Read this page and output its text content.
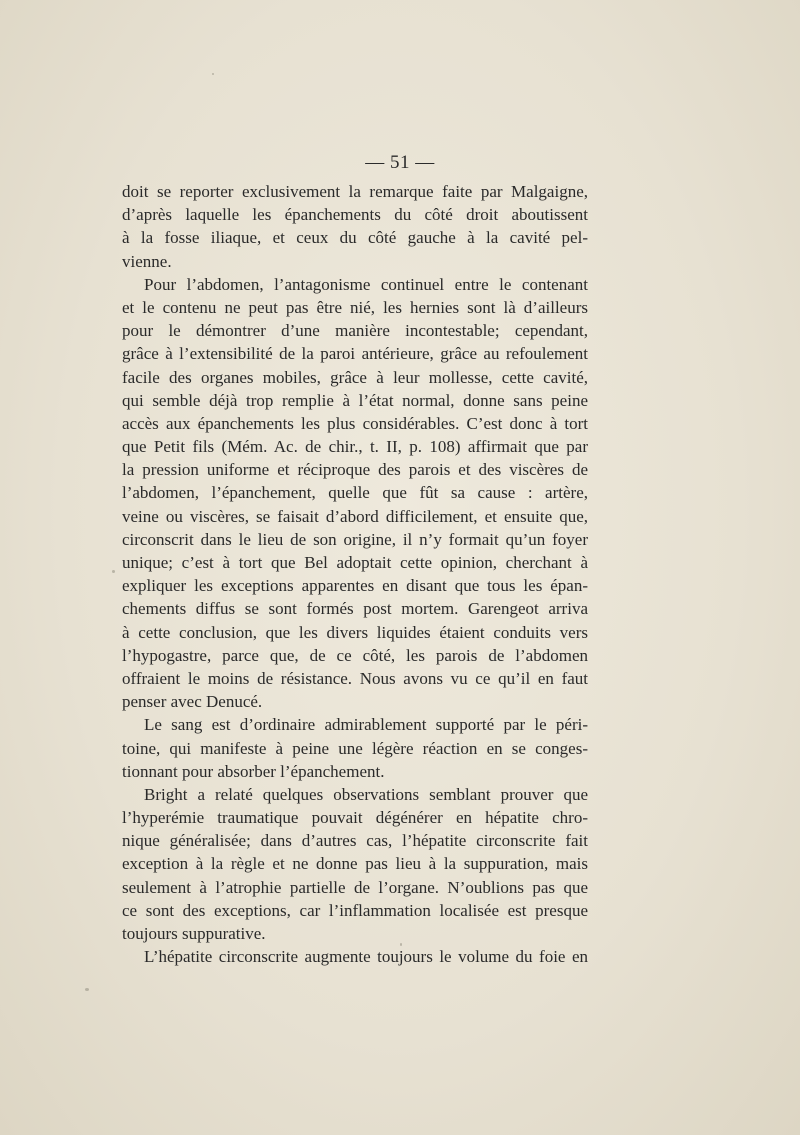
— 51 —
doit se reporter exclusivement la remarque faite par Malgaigne,
d’après laquelle les épanchements du côté droit aboutissent
à la fosse iliaque, et ceux du côté gauche à la cavité pel-
vienne.
Pour l’abdomen, l’antagonisme continuel entre le contenant
et le contenu ne peut pas être nié, les hernies sont là d’ailleurs
pour le démontrer d’une manière incontestable; cependant,
grâce à l’extensibilité de la paroi antérieure, grâce au refoulement
facile des organes mobiles, grâce à leur mollesse, cette cavité,
qui semble déjà trop remplie à l’état normal, donne sans peine
accès aux épanchements les plus considérables. C’est donc à tort
que Petit fils (Mém. Ac. de chir., t. II, p. 108) affirmait que par
la pression uniforme et réciproque des parois et des viscères de
l’abdomen, l’épanchement, quelle que fût sa cause : artère,
veine ou viscères, se faisait d’abord difficilement, et ensuite que,
circonscrit dans le lieu de son origine, il n’y formait qu’un foyer
unique; c’est à tort que Bel adoptait cette opinion, cherchant à
expliquer les exceptions apparentes en disant que tous les épan-
chements diffus se sont formés post mortem. Garengeot arriva
à cette conclusion, que les divers liquides étaient conduits vers
l’hypogastre, parce que, de ce côté, les parois de l’abdomen
offraient le moins de résistance. Nous avons vu ce qu’il en faut
penser avec Denucé.
Le sang est d’ordinaire admirablement supporté par le péri-
toine, qui manifeste à peine une légère réaction en se conges-
tionnant pour absorber l’épanchement.
Bright a relaté quelques observations semblant prouver que
l’hyperémie traumatique pouvait dégénérer en hépatite chro-
nique généralisée; dans d’autres cas, l’hépatite circonscrite fait
exception à la règle et ne donne pas lieu à la suppuration, mais
seulement à l’atrophie partielle de l’organe. N’oublions pas que
ce sont des exceptions, car l’inflammation localisée est presque
toujours suppurative.
L’hépatite circonscrite augmente toujours le volume du foie en
